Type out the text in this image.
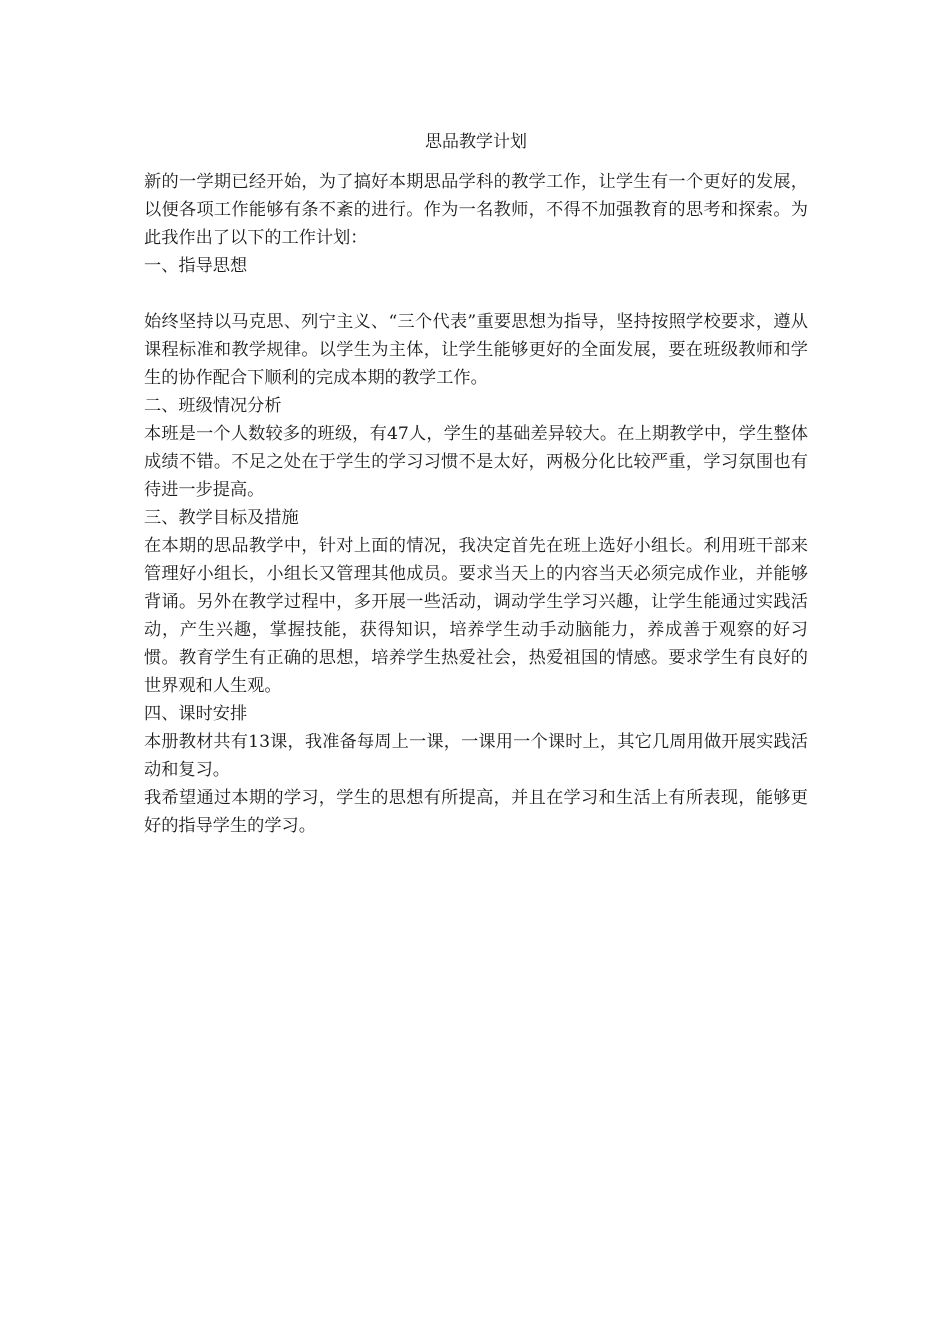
思品教学计划

新的一学期已经开始，为了搞好本期思品学科的教学工作，让学生有一个更好的发展，以便各项工作能够有条不紊的进行。作为一名教师，不得不加强教育的思考和探索。为此我作出了以下的工作计划：

一、指导思想

始终坚持以马克思、列宁主义、“三个代表”重要思想为指导，坚持按照学校要求，遵从课程标准和教学规律。以学生为主体，让学生能够更好的全面发展，要在班级教师和学生的协作配合下顺利的完成本期的教学工作。

二、班级情况分析

本班是一个人数较多的班级，有47人，学生的基础差异较大。在上期教学中，学生整体成绩不错。不足之处在于学生的学习习惯不是太好，两极分化比较严重，学习氛围也有待进一步提高。

三、教学目标及措施

在本期的思品教学中，针对上面的情况，我决定首先在班上选好小组长。利用班干部来管理好小组长，小组长又管理其他成员。要求当天上的内容当天必须完成作业，并能够背诵。另外在教学过程中，多开展一些活动，调动学生学习兴趣，让学生能通过实践活动，产生兴趣，掌握技能，获得知识，培养学生动手动脑能力，养成善于观察的好习惯。教育学生有正确的思想，培养学生热爱社会，热爱祖国的情感。要求学生有良好的世界观和人生观。

四、课时安排

本册教材共有13课，我准备每周上一课，一课用一个课时上，其它几周用做开展实践活动和复习。

我希望通过本期的学习，学生的思想有所提高，并且在学习和生活上有所表现，能够更好的指导学生的学习。
